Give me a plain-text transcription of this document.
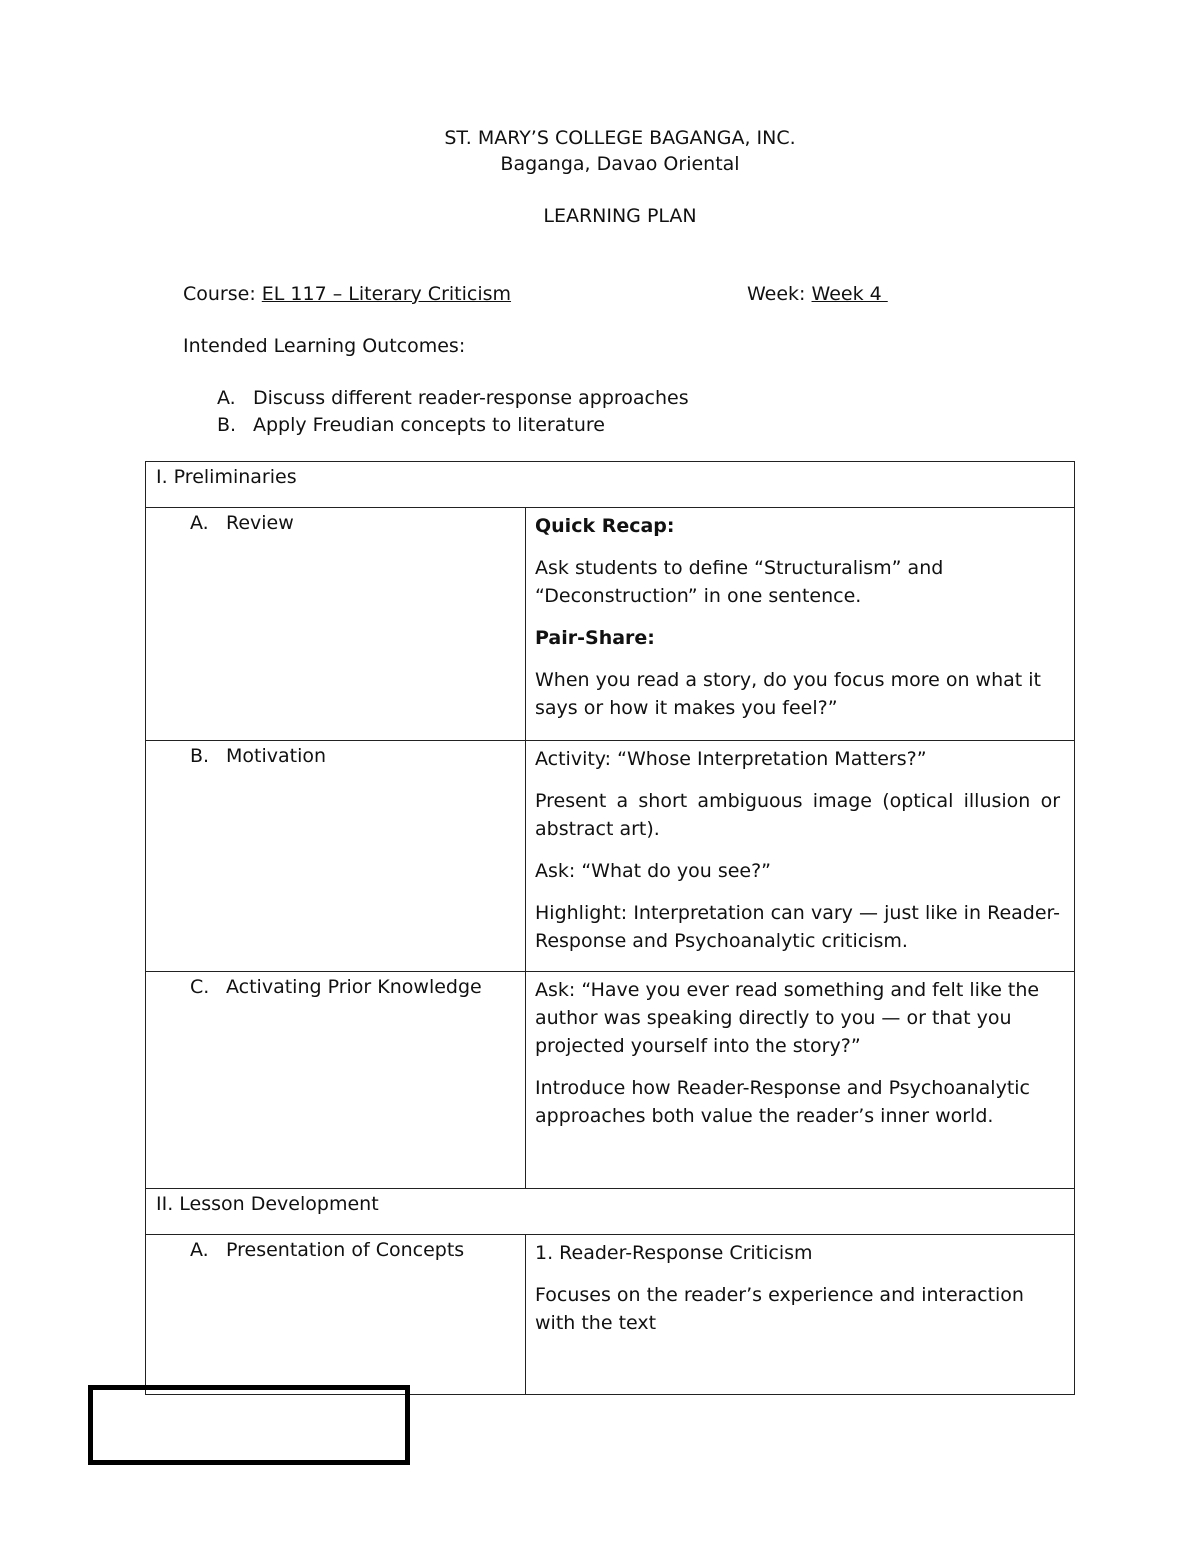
ST. MARY’S COLLEGE BAGANGA, INC.
Baganga, Davao Oriental
LEARNING PLAN
Course: EL 117 – Literary Criticism	Week: Week 4
Intended Learning Outcomes:
A. Discuss different reader-response approaches
B. Apply Freudian concepts to literature
I. Preliminaries	
A. Review	Quick Recap:

Ask students to define “Structuralism” and “Deconstruction” in one sentence.

Pair-Share:

When you read a story, do you focus more on what it says or how it makes you feel?”

B. Motivation	Activity: “Whose Interpretation Matters?”

Present a short ambiguous image (optical illusion or abstract art).

Ask: “What do you see?”

Highlight: Interpretation can vary — just like in Reader-Response and Psychoanalytic criticism.

C. Activating Prior Knowledge	Ask: “Have you ever read something and felt like the author was speaking directly to you — or that you projected yourself into the story?”

Introduce how Reader-Response and Psychoanalytic approaches both value the reader’s inner world.

II. Lesson Development	
A. Presentation of Concepts	1. Reader-Response Criticism

Focuses on the reader’s experience and interaction with the text
